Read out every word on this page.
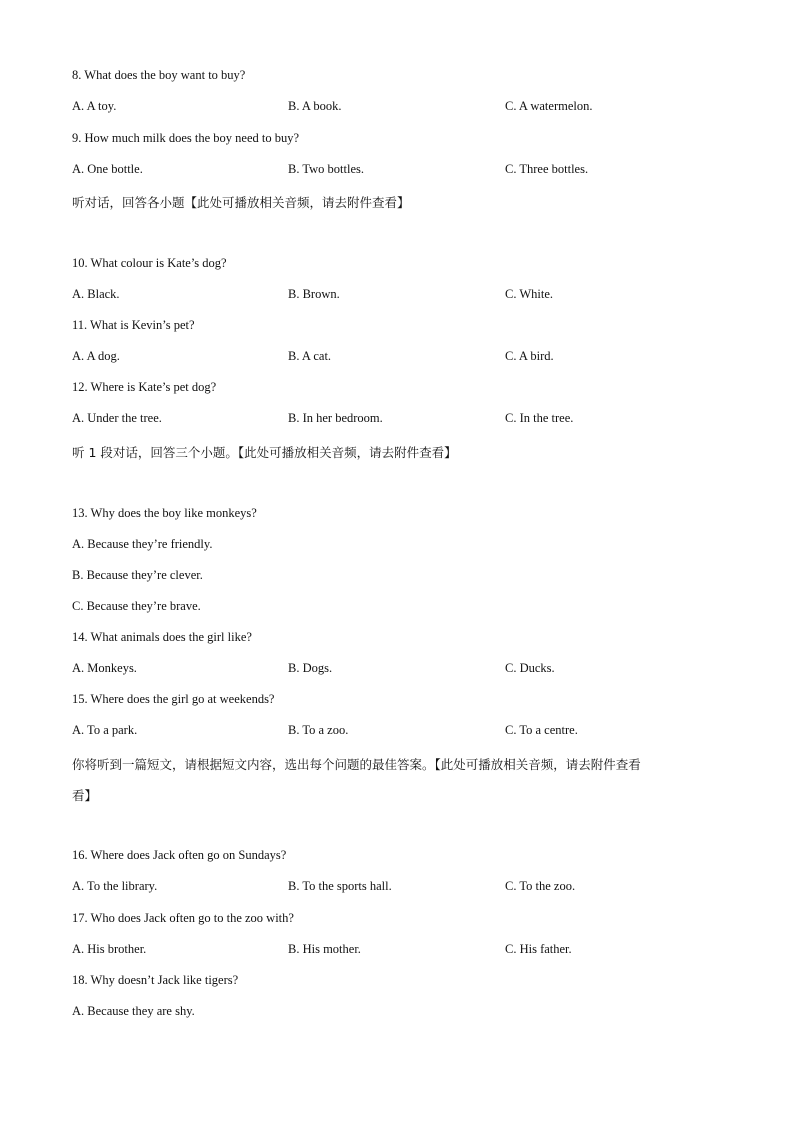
8. What does the boy want to buy?
A. A toy.	B. A book.	C. A watermelon.
9. How much milk does the boy need to buy?
A. One bottle.	B. Two bottles.	C. Three bottles.
听对话，回答各小题【此处可播放相关音频，请去附件查看】
10. What colour is Kate’s dog?
A. Black.	B. Brown.	C. White.
11. What is Kevin’s pet?
A. A dog.	B. A cat.	C. A bird.
12. Where is Kate’s pet dog?
A. Under the tree.	B. In her bedroom.	C. In the tree.
听 1 段对话，回答三个小题。【此处可播放相关音频，请去附件查看】
13. Why does the boy like monkeys?
A. Because they’re friendly.
B. Because they’re clever.
C. Because they’re brave.
14. What animals does the girl like?
A. Monkeys.	B. Dogs.	C. Ducks.
15. Where does the girl go at weekends?
A. To a park.	B. To a zoo.	C. To a centre.
你将听到一篇短文，请根据短文内容，选出每个问题的最佳答案。【此处可播放相关音频，请去附件查看
看】
16. Where does Jack often go on Sundays?
A. To the library.	B. To the sports hall.	C. To the zoo.
17. Who does Jack often go to the zoo with?
A. His brother.	B. His mother.	C. His father.
18. Why doesn’t Jack like tigers?
A. Because they are shy.
